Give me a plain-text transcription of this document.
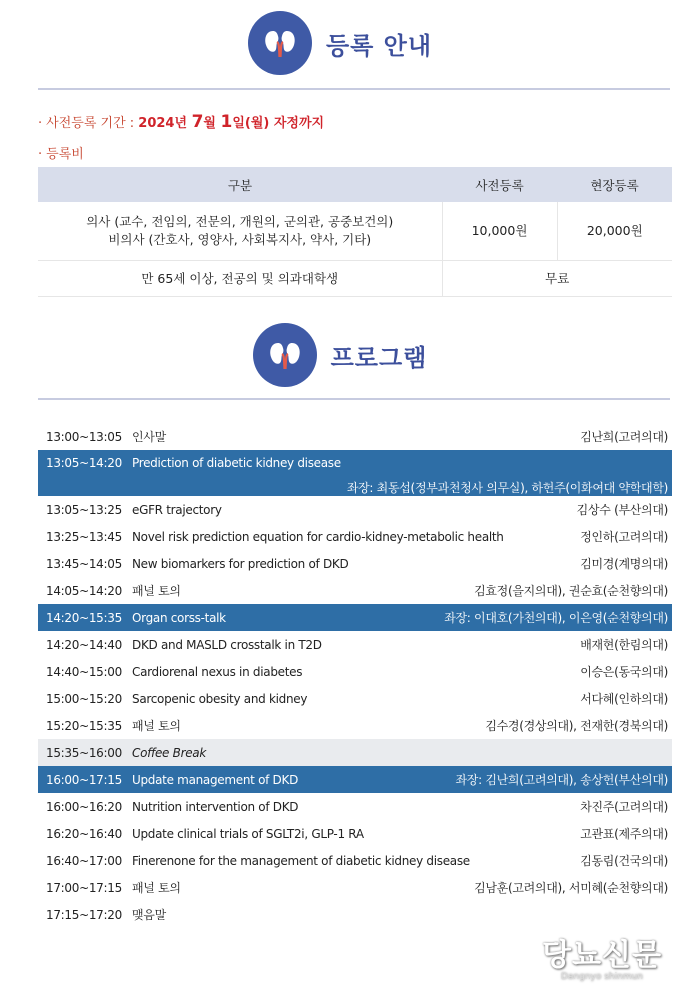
등록 안내
· 사전등록 기간 : 2024년 7월 1일(월) 자정까지
· 등록비
구분	사전등록	현장등록

의사 (교수, 전임의, 전문의, 개원의, 군의관, 공중보건의)
비의사 (간호사, 영양사, 사회복지사, 약사, 기타)	10,000원	20,000원
만 65세 이상, 전공의 및 의과대학생	무료	
프로그램
13:00~13:05 인사말	김난희(고려의대)
13:05~14:20 Prediction of diabetic kidney disease
좌장: 최동섭(정부과천청사 의무실), 하헌주(이화여대 약학대학)
13:05~13:25 eGFR trajectory	김상수 (부산의대)
13:25~13:45 Novel risk prediction equation for cardio-kidney-metabolic health	정인하(고려의대)
13:45~14:05 New biomarkers for prediction of DKD	김미경(계명의대)
14:05~14:20 패널 토의	김효정(을지의대), 권순효(순천향의대)
14:20~15:35 Organ corss-talk	좌장: 이대호(가천의대), 이은영(순천향의대)
14:20~14:40 DKD and MASLD crosstalk in T2D	배재현(한림의대)
14:40~15:00 Cardiorenal nexus in diabetes	이승은(동국의대)
15:00~15:20 Sarcopenic obesity and kidney	서다혜(인하의대)
15:20~15:35 패널 토의	김수경(경상의대), 전재한(경북의대)
15:35~16:00 Coffee Break
16:00~17:15 Update management of DKD	좌장: 김난희(고려의대), 송상헌(부산의대)
16:00~16:20 Nutrition intervention of DKD	차진주(고려의대)
16:20~16:40 Update clinical trials of SGLT2i, GLP-1 RA	고관표(제주의대)
16:40~17:00 Finerenone for the management of diabetic kidney disease	김동림(건국의대)
17:00~17:15 패널 토의	김남훈(고려의대), 서미혜(순천향의대)
17:15~17:20 맺음말
당뇨신문
Dangnyo shinmun
